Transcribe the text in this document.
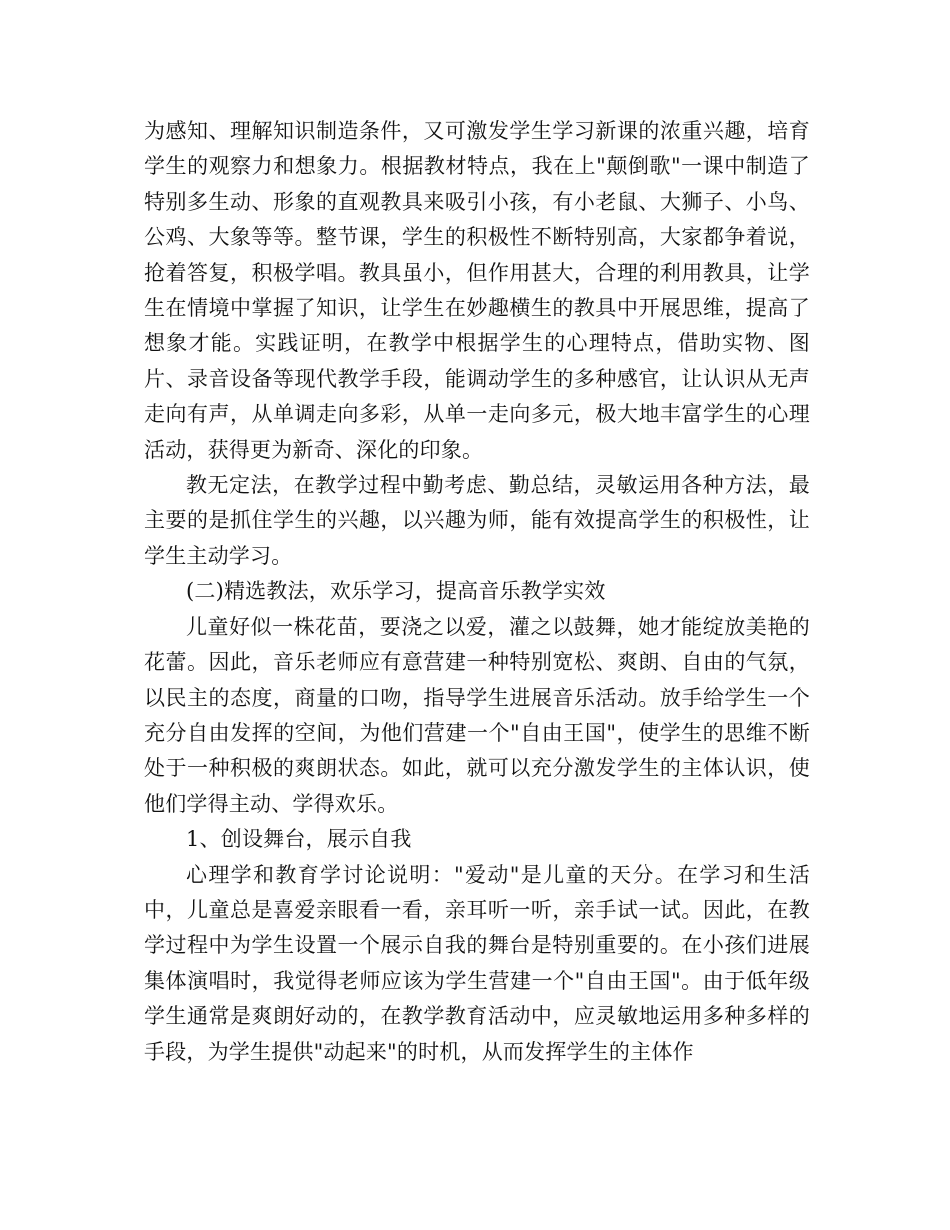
为感知、理解知识制造条件，又可激发学生学习新课的浓重兴趣，培育学生的观察力和想象力。根据教材特点，我在上"颠倒歌"一课中制造了特别多生动、形象的直观教具来吸引小孩，有小老鼠、大狮子、小鸟、公鸡、大象等等。整节课，学生的积极性不断特别高，大家都争着说，抢着答复，积极学唱。教具虽小，但作用甚大，合理的利用教具，让学生在情境中掌握了知识，让学生在妙趣横生的教具中开展思维，提高了想象才能。实践证明，在教学中根据学生的心理特点，借助实物、图片、录音设备等现代教学手段，能调动学生的多种感官，让认识从无声走向有声，从单调走向多彩，从单一走向多元，极大地丰富学生的心理活动，获得更为新奇、深化的印象。

教无定法，在教学过程中勤考虑、勤总结，灵敏运用各种方法，最主要的是抓住学生的兴趣，以兴趣为师，能有效提高学生的积极性，让学生主动学习。

(二)精选教法，欢乐学习，提高音乐教学实效

儿童好似一株花苗，要浇之以爱，灌之以鼓舞，她才能绽放美艳的花蕾。因此，音乐老师应有意营建一种特别宽松、爽朗、自由的气氛，以民主的态度，商量的口吻，指导学生进展音乐活动。放手给学生一个充分自由发挥的空间，为他们营建一个"自由王国"，使学生的思维不断处于一种积极的爽朗状态。如此，就可以充分激发学生的主体认识，使他们学得主动、学得欢乐。

1、创设舞台，展示自我

心理学和教育学讨论说明："爱动"是儿童的天分。在学习和生活中，儿童总是喜爱亲眼看一看，亲耳听一听，亲手试一试。因此，在教学过程中为学生设置一个展示自我的舞台是特别重要的。在小孩们进展集体演唱时，我觉得老师应该为学生营建一个"自由王国"。由于低年级学生通常是爽朗好动的，在教学教育活动中，应灵敏地运用多种多样的手段，为学生提供"动起来"的时机，从而发挥学生的主体作
